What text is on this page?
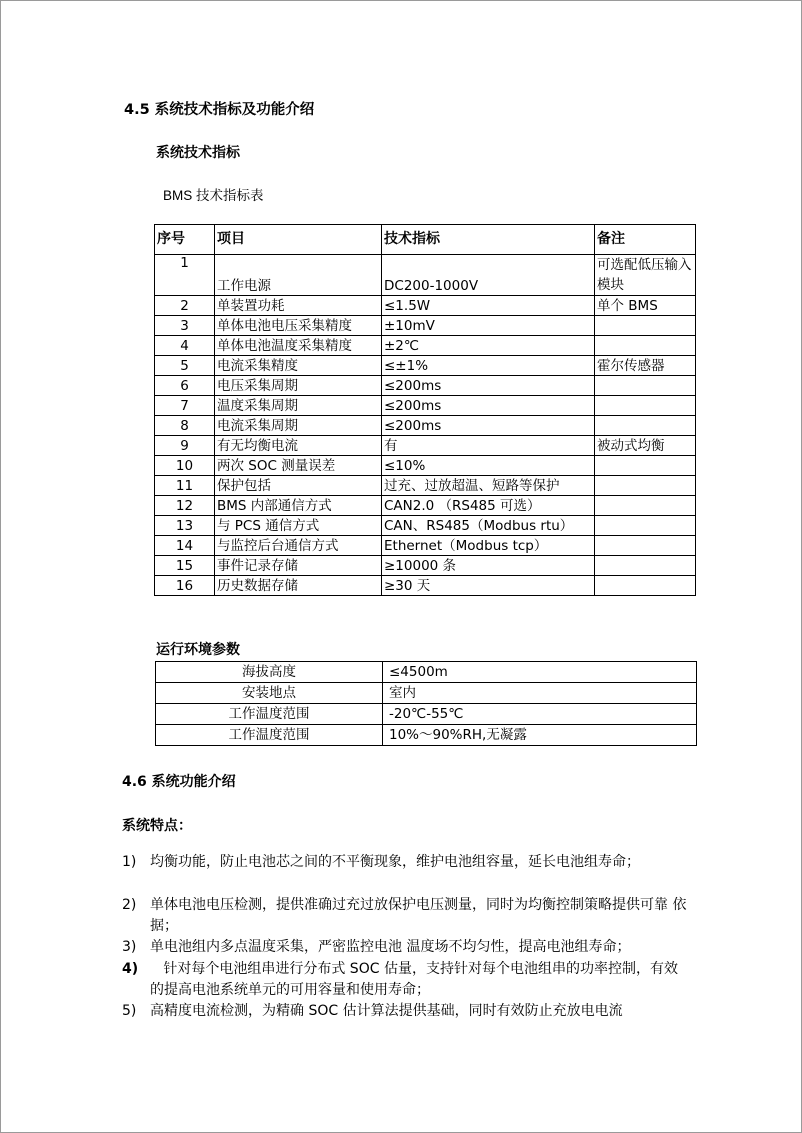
4.5 系统技术指标及功能介绍
系统技术指标
BMS 技术指标表
序号	项目	技术指标	备注
1	工作电源	DC200-1000V	可选配低压输入模块
2	单装置功耗	≤1.5W	单个 BMS
3	单体电池电压采集精度	±10mV	
4	单体电池温度采集精度	±2℃	
5	电流采集精度	≤±1%	霍尔传感器
6	电压采集周期	≤200ms	
7	温度采集周期	≤200ms	
8	电流采集周期	≤200ms	
9	有无均衡电流	有	被动式均衡
10	两次 SOC 测量误差	≤10%	
11	保护包括	过充、过放超温、短路等保护	
12	BMS 内部通信方式	CAN2.0 （RS485 可选）	
13	与 PCS 通信方式	CAN、RS485（Modbus rtu）	
14	与监控后台通信方式	Ethernet（Modbus tcp）	
15	事件记录存储	≥10000 条	
16	历史数据存储	≥30 天	
运行环境参数
海拔高度	≤4500m
安装地点	室内
工作温度范围	-20℃-55℃
工作温度范围	10%～90%RH,无凝露
4.6 系统功能介绍
系统特点：
1) 均衡功能，防止电池芯之间的不平衡现象，维护电池组容量，延长电池组寿命；
2) 单体电池电压检测，提供准确过充过放保护电压测量，同时为均衡控制策略提供可靠 依据；
3) 单电池组内多点温度采集，严密监控电池 温度场不均匀性，提高电池组寿命；
4) 针对每个电池组串进行分布式 SOC 估量，支持针对每个电池组串的功率控制，有效的提高电池系统单元的可用容量和使用寿命；
5) 高精度电流检测，为精确 SOC 估计算法提供基础，同时有效防止充放电电流
